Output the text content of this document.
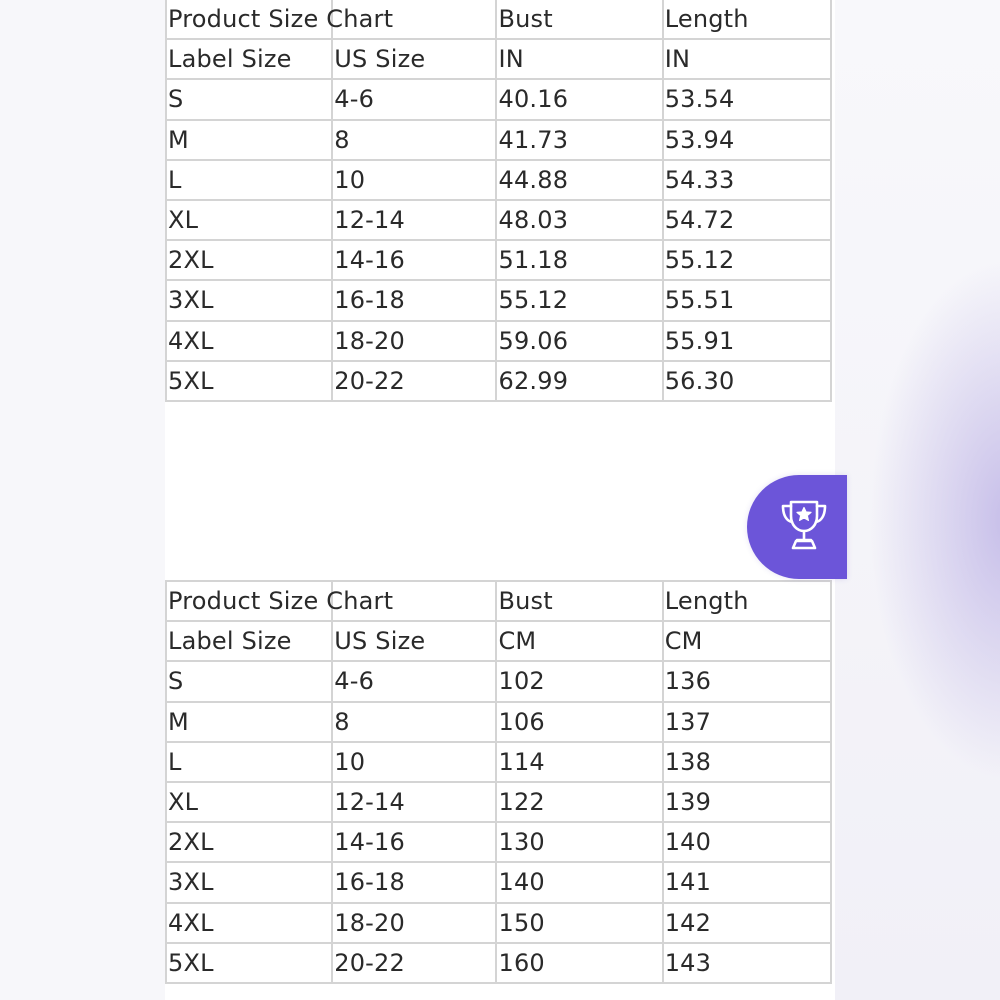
Product Size Chart		Bust	Length
Label Size	US Size	IN	IN
S	4-6	40.16	53.54
M	8	41.73	53.94
L	10	44.88	54.33
XL	12-14	48.03	54.72
2XL	14-16	51.18	55.12
3XL	16-18	55.12	55.51
4XL	18-20	59.06	55.91
5XL	20-22	62.99	56.30
Product Size Chart		Bust	Length
Label Size	US Size	CM	CM
S	4-6	102	136
M	8	106	137
L	10	114	138
XL	12-14	122	139
2XL	14-16	130	140
3XL	16-18	140	141
4XL	18-20	150	142
5XL	20-22	160	143
